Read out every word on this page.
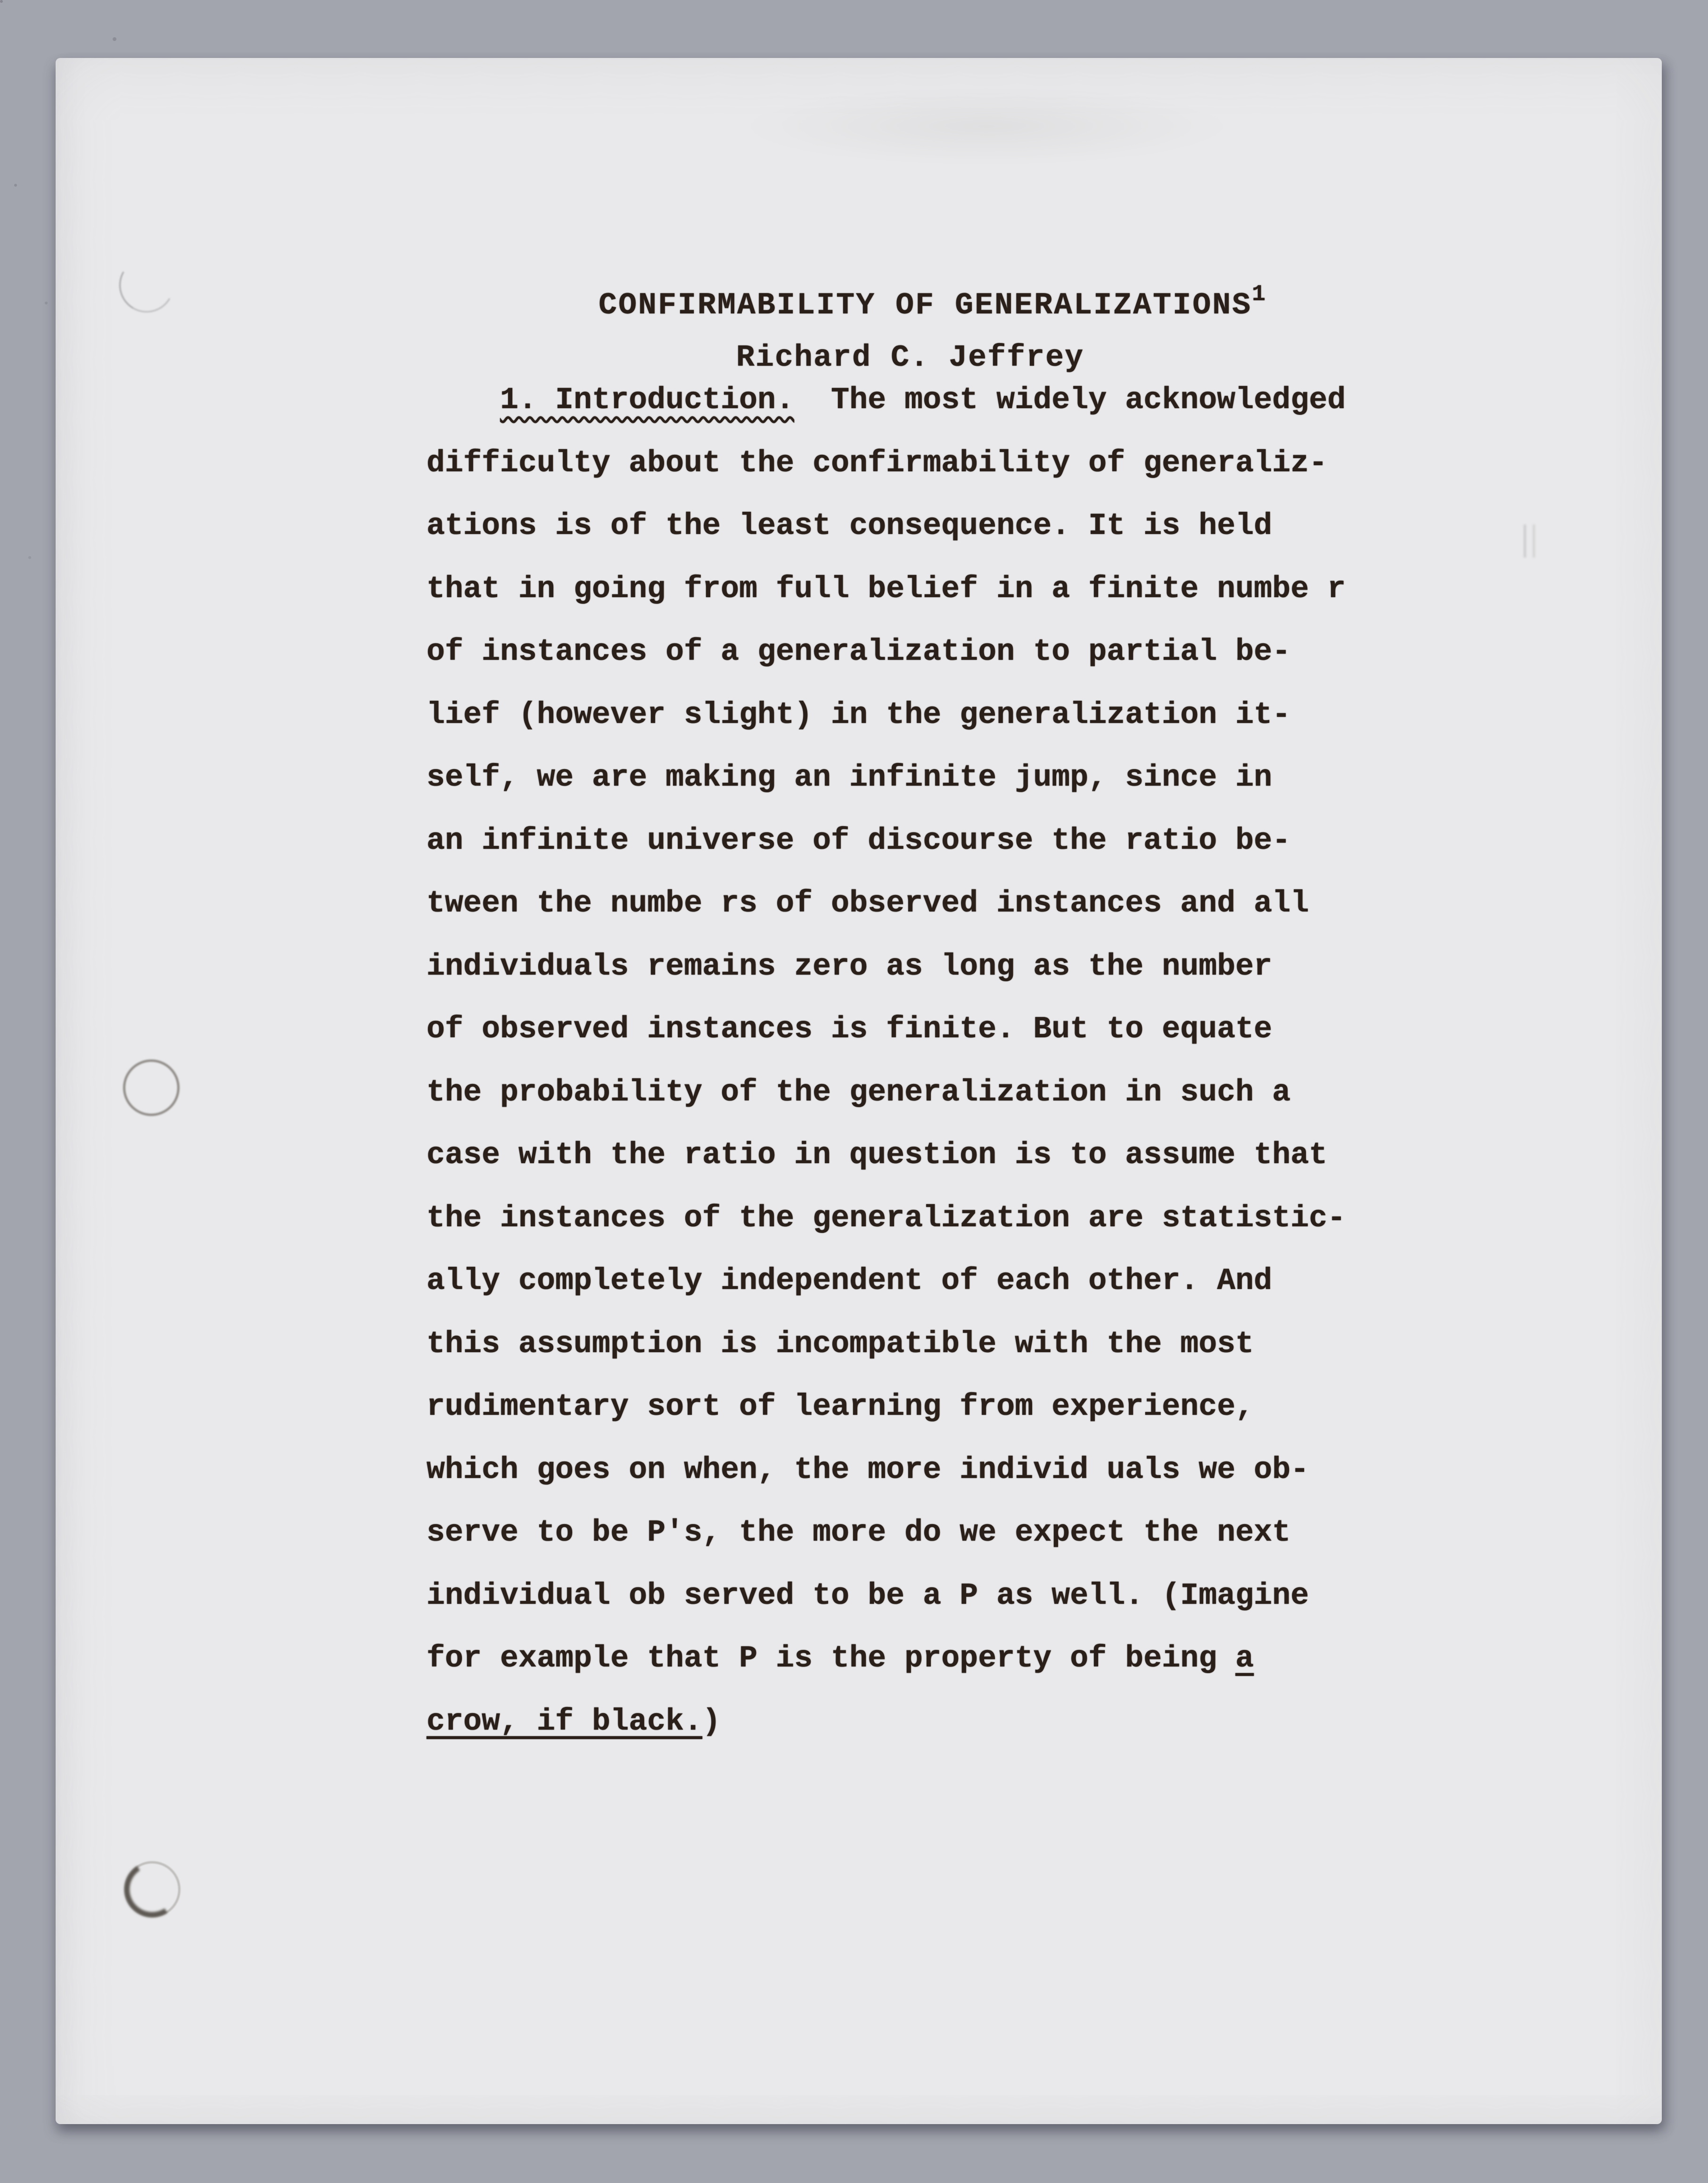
CONFIRMABILITY OF GENERALIZATIONS$^1$
Richard C. Jeffrey
1. Introduction.  The most widely acknowledged
difficulty about the confirmability of generaliz-
ations is of the least consequence. It is held
that in going from full belief in a finite numbe r
of instances of a generalization to partial be-
lief (however slight) in the generalization it-
self, we are making an infinite jump, since in
an infinite universe of discourse the ratio be-
tween the numbe rs of observed instances and all
individuals remains zero as long as the number
of observed instances is finite. But to equate
the probability of the generalization in such a
case with the ratio in question is to assume that
the instances of the generalization are statistic-
ally completely independent of each other. And
this assumption is incompatible with the most
rudimentary sort of learning from experience,
which goes on when, the more individ uals we ob-
serve to be P's, the more do we expect the next
individual ob served to be a P as well. (Imagine
for example that P is the property of being a
crow, if black.)
